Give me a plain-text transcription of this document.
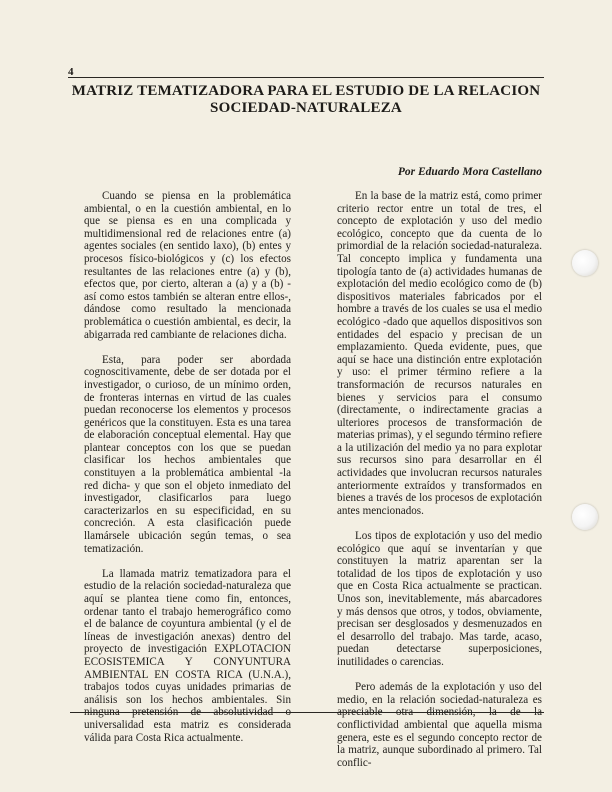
4
MATRIZ TEMATIZADORA PARA EL ESTUDIO DE LA RELACION
SOCIEDAD-NATURALEZA
Por Eduardo Mora Castellano

Cuando se piensa en la problemática ambiental, o en la cuestión ambiental, en lo que se piensa es en una complicada y multidimensional red de relaciones entre (a) agentes sociales (en sentido laxo), (b) entes y procesos físico-biológicos y (c) los efectos resultantes de las relaciones entre (a) y (b), efectos que, por cierto, alteran a (a) y a (b) -así como estos también se alteran entre ellos-, dándose como resultado la mencionada problemática o cuestión ambiental, es decir, la abigarrada red cambiante de relaciones dicha.

Esta, para poder ser abordada cognoscitivamente, debe de ser dotada por el investigador, o curioso, de un mínimo orden, de fronteras internas en virtud de las cuales puedan reconocerse los elementos y procesos genéricos que la constituyen. Esta es una tarea de elaboración conceptual elemental. Hay que plantear conceptos con los que se puedan clasificar los hechos ambientales que constituyen a la problemática ambiental -la red dicha- y que son el objeto inmediato del investigador, clasificarlos para luego caracterizarlos en su especificidad, en su concreción. A esta clasificación puede llamársele ubicación según temas, o sea tematización.

La llamada matriz tematizadora para el estudio de la relación sociedad-naturaleza que aquí se plantea tiene como fin, entonces, ordenar tanto el trabajo hemerográfico como el de balance de coyuntura ambiental (y el de líneas de investigación anexas) dentro del proyecto de investigación EXPLOTACION ECOSISTEMICA Y CONYUNTURA AMBIENTAL EN COSTA RICA (U.N.A.), trabajos todos cuyas unidades primarias de análisis son los hechos ambientales. Sin ninguna pretensión de absolutividad o universalidad esta matriz es considerada válida para Costa Rica actualmente.

En la base de la matriz está, como primer criterio rector entre un total de tres, el concepto de explotación y uso del medio ecológico, concepto que da cuenta de lo primordial de la relación sociedad-naturaleza. Tal concepto implica y fundamenta una tipología tanto de (a) actividades humanas de explotación del medio ecológico como de (b) dispositivos materiales fabricados por el hombre a través de los cuales se usa el medio ecológico -dado que aquellos dispositivos son entidades del espacio y precisan de un emplazamiento. Queda evidente, pues, que aquí se hace una distinción entre explotación y uso: el primer término refiere a la transformación de recursos naturales en bienes y servicios para el consumo (directamente, o indirectamente gracias a ulteriores procesos de transformación de materias primas), y el segundo término refiere a la utilización del medio ya no para explotar sus recursos sino para desarrollar en él actividades que involucran recursos naturales anteriormente extraídos y transformados en bienes a través de los procesos de explotación antes mencionados.

Los tipos de explotación y uso del medio ecológico que aquí se inventarían y que constituyen la matriz aparentan ser la totalidad de los tipos de explotación y uso que en Costa Rica actualmente se practican. Unos son, inevitablemente, más abarcadores y más densos que otros, y todos, obviamente, precisan ser desglosados y desmenuzados en el desarrollo del trabajo. Mas tarde, acaso, puedan detectarse superposiciones, inutilidades o carencias.

Pero además de la explotación y uso del medio, en la relación sociedad-naturaleza es apreciable otra dimensión, la de la conflictividad ambiental que aquella misma genera, este es el segundo concepto rector de la matriz, aunque subordinado al primero. Tal conflic-
